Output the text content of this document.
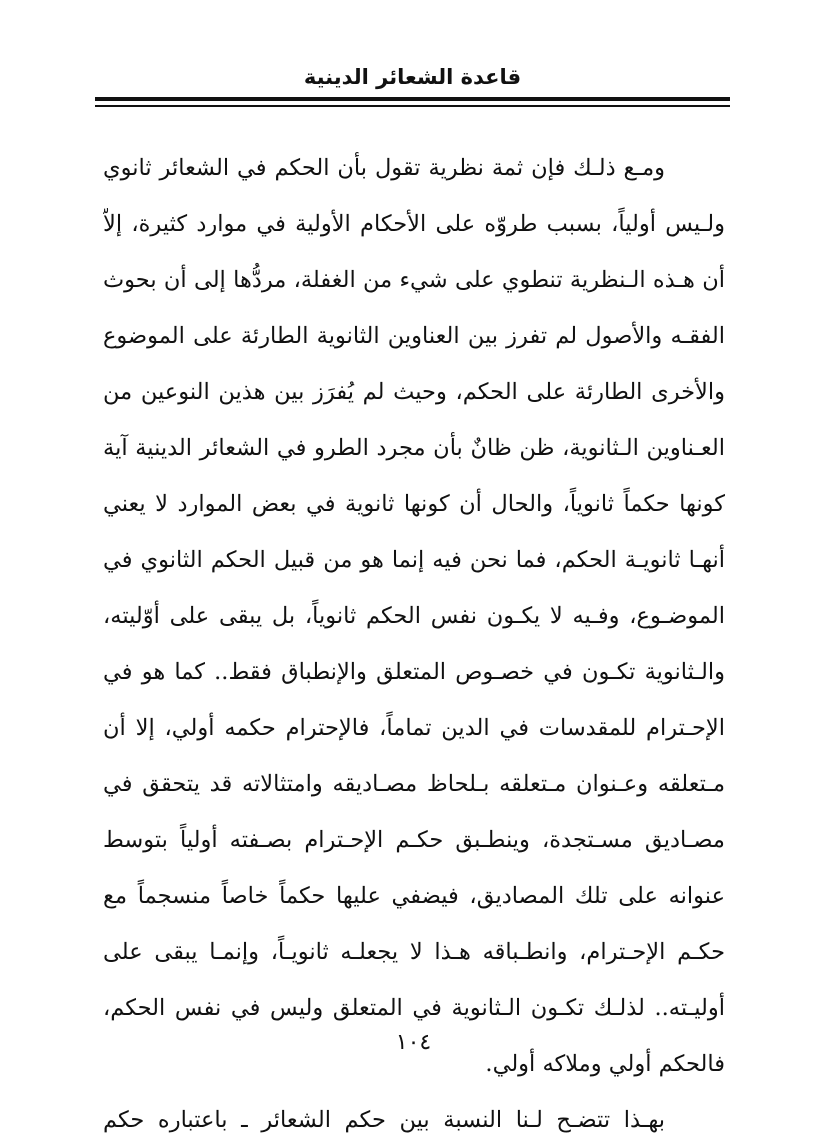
قاعدة الشعائر الدينية
ومـع ذلـك فإن ثمة نظرية تقول بأن الحكم في الشعائر ثانوي
ولـيس أولياً، بسبب طروّه على الأحكام الأولية في موارد كثيرة، إلاّ
أن هـذه الـنظرية تنطوي على شيء من الغفلة، مردُّها إلى أن بحوث
الفقـه والأصول لم تفرز بين العناوين الثانوية الطارئة على الموضوع
والأخرى الطارئة على الحكم، وحيث لم يُفرَز بين هذين النوعين من
العـناوين الـثانوية، ظن ظانٌ بأن مجرد الطرو في الشعائر الدينية آية
كونها حكماً ثانوياً، والحال أن كونها ثانوية في بعض الموارد لا يعني
أنهـا ثانويـة الحكم، فما نحن فيه إنما هو من قبيل الحكم الثانوي في
الموضـوع، وفـيه لا يكـون نفس الحكم ثانوياً، بل يبقى على أوّليته،
والـثانوية تكـون في خصـوص المتعلق والإنطباق فقط.. كما هو في
الإحـترام للمقدسات في الدين تماماً، فالإحترام حكمه أولي، إلا أن
مـتعلقه وعـنوان مـتعلقه بـلحاظ مصـاديقه وامتثالاته قد يتحقق في
مصـاديق مسـتجدة، وينطـبق حكـم الإحـترام بصـفته أولياً بتوسط
عنوانه على تلك المصاديق، فيضفي عليها حكماً خاصاً منسجماً مع
حكـم الإحـترام، وانطـباقه هـذا لا يجعلـه ثانويـاً، وإنمـا يبقى على
أوليـته.. لذلـك تكـون الـثانوية في المتعلق وليس في نفس الحكم،
فالحكم أولي وملاكه أولي.
بهـذا تتضـح لـنا النسبة بين حكم الشعائر ـ باعتباره حكم
١٠٤
